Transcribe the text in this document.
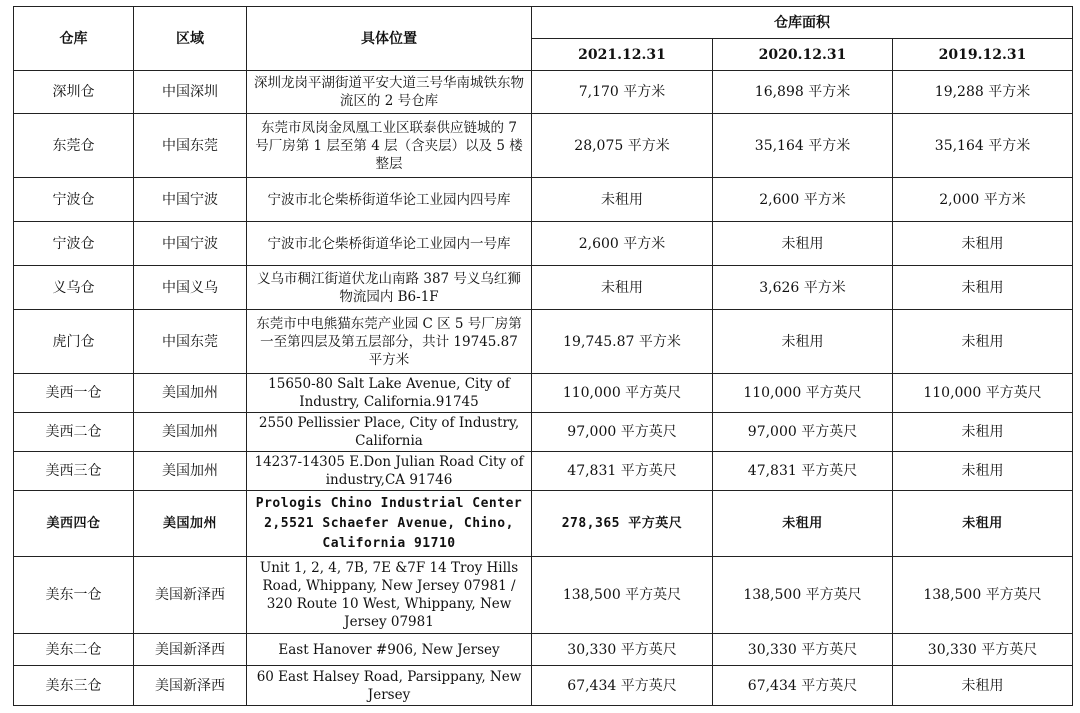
仓库	区域	具体位置	仓库面积		
			2021.12.31	2020.12.31	2019.12.31
深圳仓	中国深圳	深圳龙岗平湖街道平安大道三号华南城铁东物流区的 2 号仓库	7,170 平方米	16,898 平方米	19,288 平方米
东莞仓	中国东莞	东莞市凤岗金凤凰工业区联泰供应链城的 7 号厂房第 1 层至第 4 层（含夹层）以及 5 楼整层	28,075 平方米	35,164 平方米	35,164 平方米
宁波仓	中国宁波	宁波市北仑柴桥街道华论工业园内四号库	未租用	2,600 平方米	2,000 平方米
宁波仓	中国宁波	宁波市北仑柴桥街道华论工业园内一号库	2,600 平方米	未租用	未租用
义乌仓	中国义乌	义乌市稠江街道伏龙山南路 387 号义乌红狮物流园内 B6-1F	未租用	3,626 平方米	未租用
虎门仓	中国东莞	东莞市中电熊猫东莞产业园 C 区 5 号厂房第一至第四层及第五层部分，共计 19745.87 平方米	19,745.87 平方米	未租用	未租用
美西一仓	美国加州	15650-80 Salt Lake Avenue, City of Industry, California.91745	110,000 平方英尺	110,000 平方英尺	110,000 平方英尺
美西二仓	美国加州	2550 Pellissier Place, City of Industry, California	97,000 平方英尺	97,000 平方英尺	未租用
美西三仓	美国加州	14237-14305 E.Don Julian Road City of industry,CA 91746	47,831 平方英尺	47,831 平方英尺	未租用
美西四仓	美国加州	Prologis Chino Industrial Center 2,5521 Schaefer Avenue, Chino, California 91710	278,365 平方英尺	未租用	未租用
美东一仓	美国新泽西	Unit 1, 2, 4, 7B, 7E &7F 14 Troy Hills Road, Whippany, New Jersey 07981 / 320 Route 10 West, Whippany, New Jersey 07981	138,500 平方英尺	138,500 平方英尺	138,500 平方英尺
美东二仓	美国新泽西	East Hanover #906, New Jersey	30,330 平方英尺	30,330 平方英尺	30,330 平方英尺
美东三仓	美国新泽西	60 East Halsey Road, Parsippany, New Jersey	67,434 平方英尺	67,434 平方英尺	未租用
